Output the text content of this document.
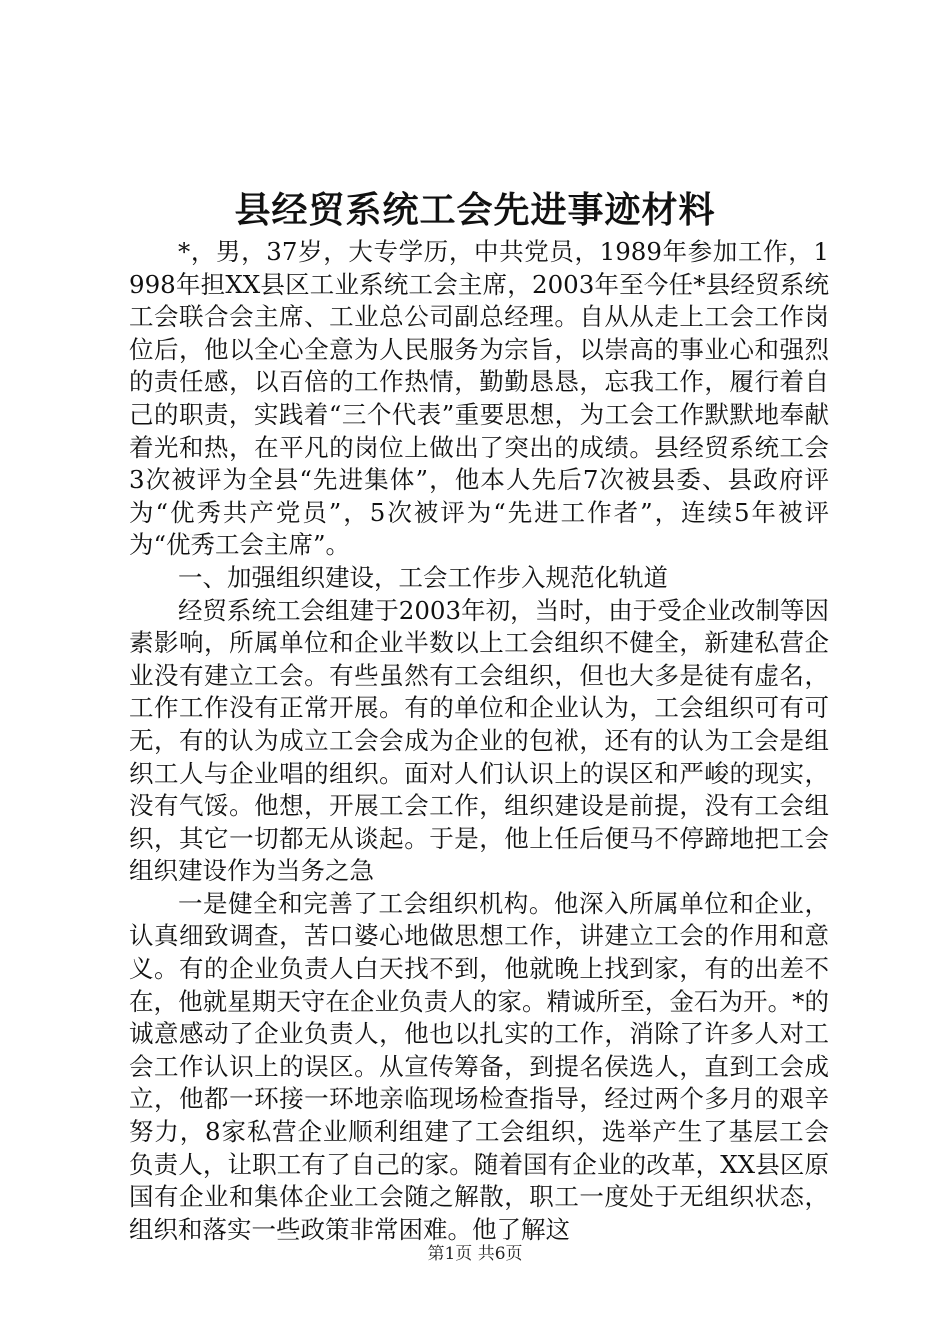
县经贸系统工会先进事迹材料

*，男，37岁，大专学历，中共党员，1989年参加工作，1998年担XX县区工业系统工会主席，2003年至今任*县经贸系统工会联合会主席、工业总公司副总经理。自从从走上工会工作岗位后，他以全心全意为人民服务为宗旨，以崇高的事业心和强烈的责任感，以百倍的工作热情，勤勤恳恳，忘我工作，履行着自己的职责，实践着“三个代表”重要思想，为工会工作默默地奉献着光和热，在平凡的岗位上做出了突出的成绩。县经贸系统工会3次被评为全县“先进集体”，他本人先后7次被县委、县政府评为“优秀共产党员”，5次被评为“先进工作者”，连续5年被评为“优秀工会主席”。

一、加强组织建设，工会工作步入规范化轨道

经贸系统工会组建于2003年初，当时，由于受企业改制等因素影响，所属单位和企业半数以上工会组织不健全，新建私营企业没有建立工会。有些虽然有工会组织，但也大多是徒有虚名，工作工作没有正常开展。有的单位和企业认为，工会组织可有可无，有的认为成立工会会成为企业的包袱，还有的认为工会是组织工人与企业唱的组织。面对人们认识上的误区和严峻的现实，没有气馁。他想，开展工会工作，组织建设是前提，没有工会组织，其它一切都无从谈起。于是，他上任后便马不停蹄地把工会组织建设作为当务之急

一是健全和完善了工会组织机构。他深入所属单位和企业，认真细致调查，苦口婆心地做思想工作，讲建立工会的作用和意义。有的企业负责人白天找不到，他就晚上找到家，有的出差不在，他就星期天守在企业负责人的家。精诚所至，金石为开。*的诚意感动了企业负责人，他也以扎实的工作，消除了许多人对工会工作认识上的误区。从宣传筹备，到提名侯选人，直到工会成立，他都一环接一环地亲临现场检查指导，经过两个多月的艰辛努力，8家私营企业顺利组建了工会组织，选举产生了基层工会负责人，让职工有了自己的家。随着国有企业的改革，XX县区原国有企业和集体企业工会随之解散，职工一度处于无组织状态，组织和落实一些政策非常困难。他了解这

第1页 共6页
